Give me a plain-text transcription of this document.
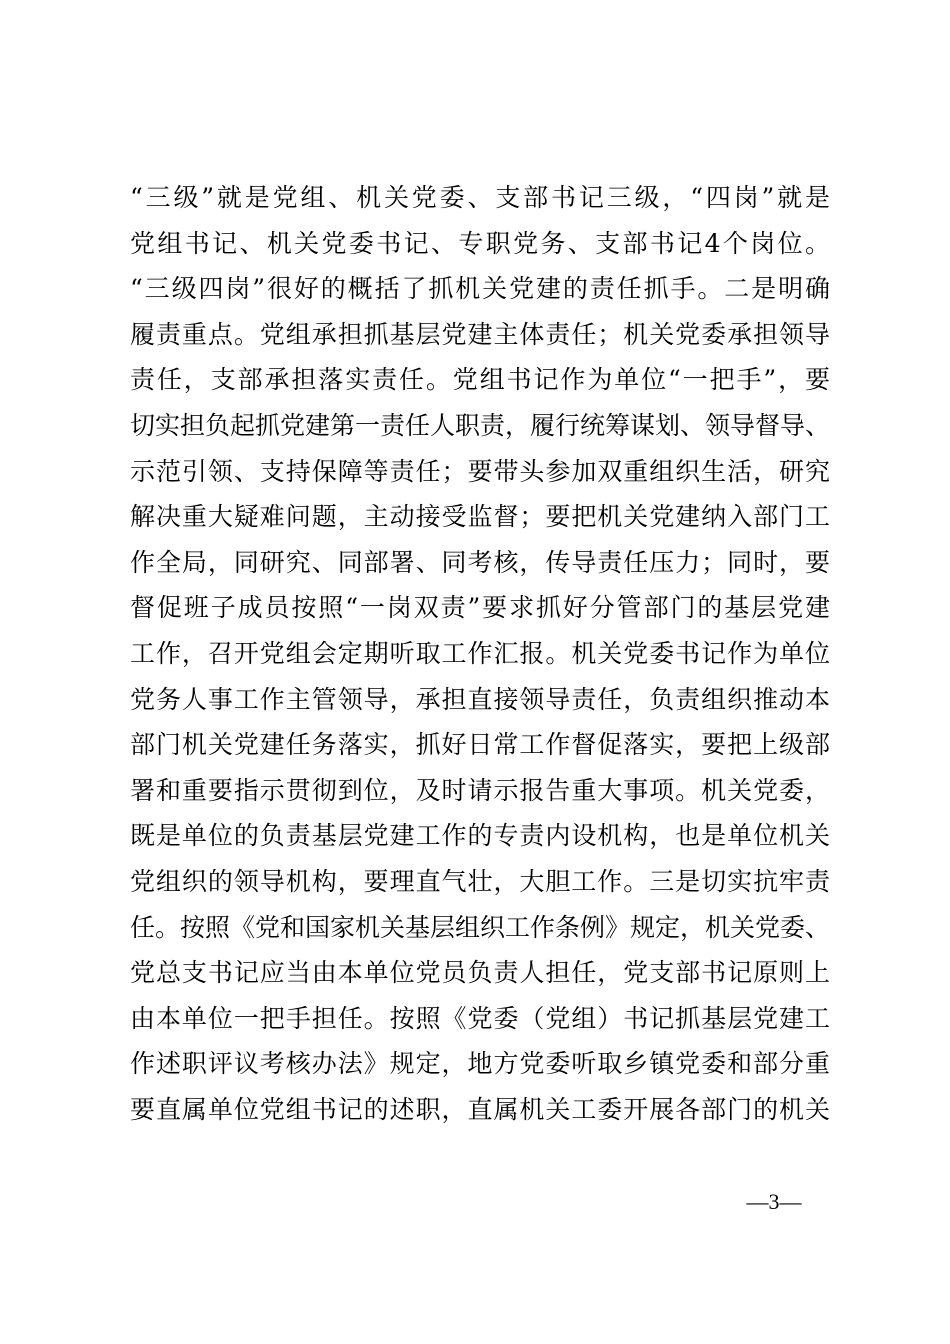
“三级”就是党组、机关党委、支部书记三级，“四岗”就是
党组书记、机关党委书记、专职党务、支部书记4个岗位。
“三级四岗”很好的概括了抓机关党建的责任抓手。二是明确
履责重点。党组承担抓基层党建主体责任；机关党委承担领导
责任，支部承担落实责任。党组书记作为单位“一把手”，要
切实担负起抓党建第一责任人职责，履行统筹谋划、领导督导、
示范引领、支持保障等责任；要带头参加双重组织生活，研究
解决重大疑难问题，主动接受监督；要把机关党建纳入部门工
作全局，同研究、同部署、同考核，传导责任压力；同时，要
督促班子成员按照“一岗双责”要求抓好分管部门的基层党建
工作，召开党组会定期听取工作汇报。机关党委书记作为单位
党务人事工作主管领导，承担直接领导责任，负责组织推动本
部门机关党建任务落实，抓好日常工作督促落实，要把上级部
署和重要指示贯彻到位，及时请示报告重大事项。机关党委，
既是单位的负责基层党建工作的专责内设机构，也是单位机关
党组织的领导机构，要理直气壮，大胆工作。三是切实抗牢责
任。按照《党和国家机关基层组织工作条例》规定，机关党委、
党总支书记应当由本单位党员负责人担任，党支部书记原则上
由本单位一把手担任。按照《党委（党组）书记抓基层党建工
作述职评议考核办法》规定，地方党委听取乡镇党委和部分重
要直属单位党组书记的述职，直属机关工委开展各部门的机关
—3—
